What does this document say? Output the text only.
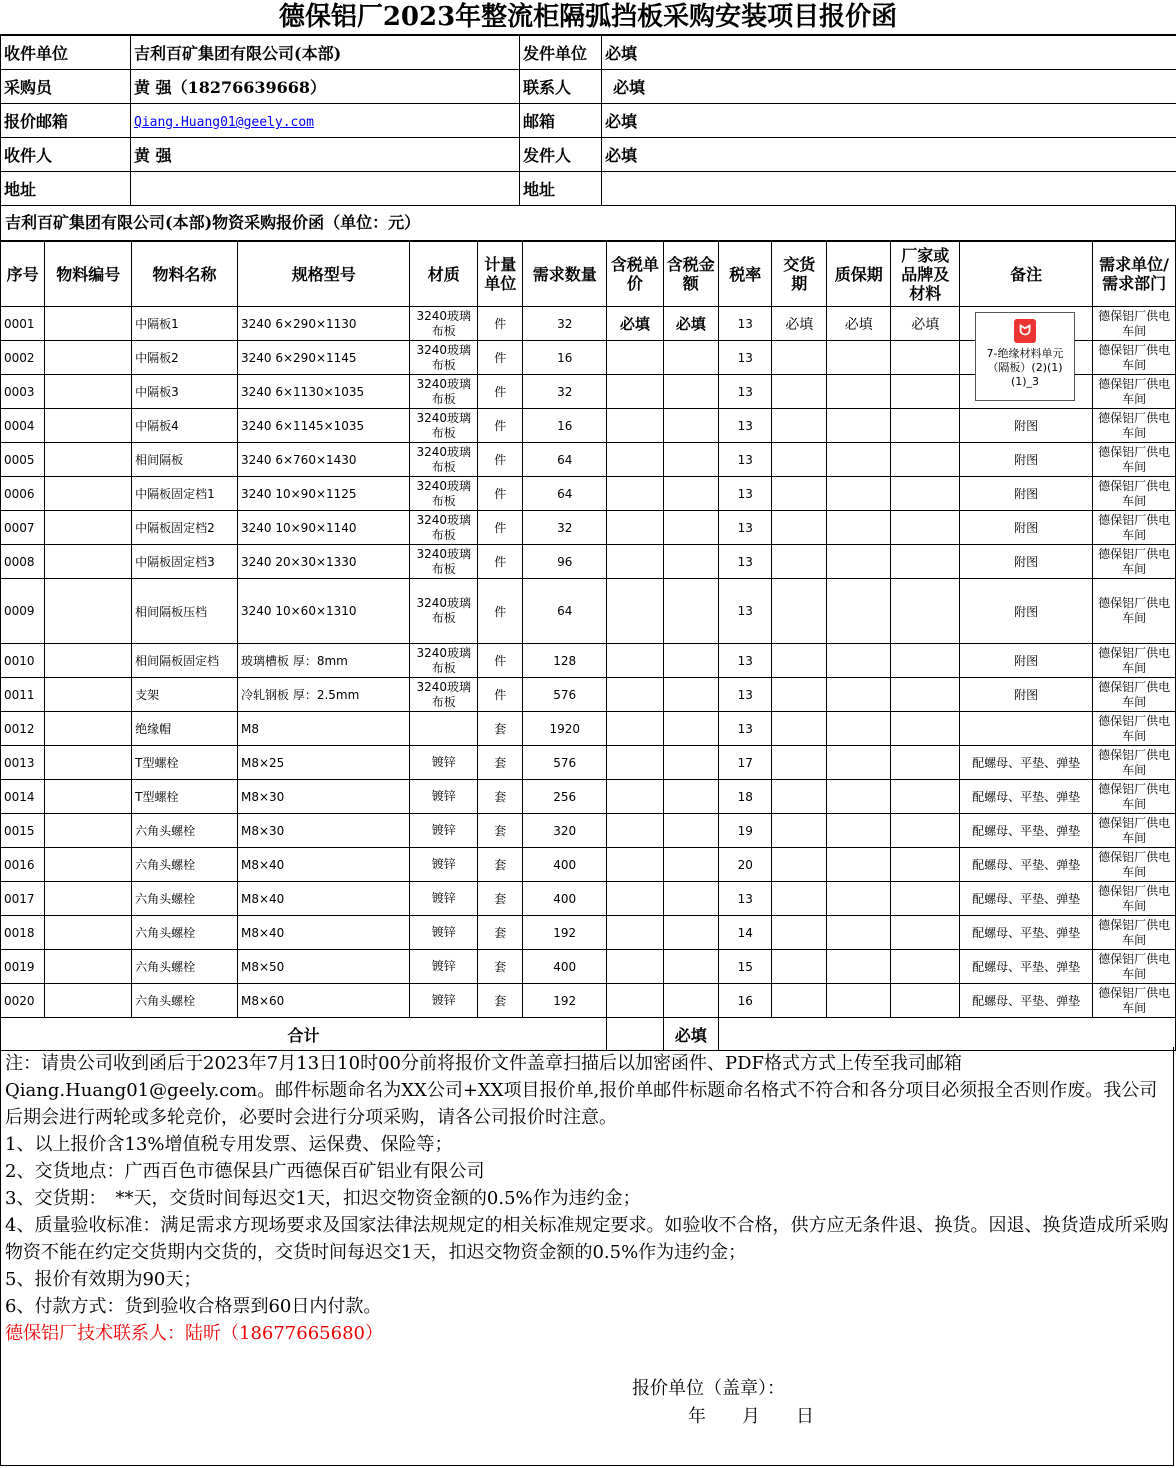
德保铝厂2023年整流柜隔弧挡板采购安装项目报价函
收件单位	吉利百矿集团有限公司(本部)	发件单位	必填
采购员	黄 强（18276639668）	联系人	必填
报价邮箱	Qiang.Huang01@geely.com	邮箱	必填
收件人	黄 强	发件人	必填
地址		地址	
吉利百矿集团有限公司(本部)物资采购报价函（单位：元）
序号	物料编号	物料名称	规格型号	材质	计量单位	需求数量	含税单价	含税金额	税率	交货期	质保期	厂家或品牌及材料	备注	需求单位/需求部门
0001		中隔板1	3240 6×290×1130	3240玻璃布板	件	32	必填	必填	13	必填	必填	必填		德保铝厂供电车间
0002		中隔板2	3240 6×290×1145	3240玻璃布板	件	16			13					德保铝厂供电车间
0003		中隔板3	3240 6×1130×1035	3240玻璃布板	件	32			13					德保铝厂供电车间
0004		中隔板4	3240 6×1145×1035	3240玻璃布板	件	16			13				附图	德保铝厂供电车间
0005		相间隔板	3240 6×760×1430	3240玻璃布板	件	64			13				附图	德保铝厂供电车间
0006		中隔板固定档1	3240 10×90×1125	3240玻璃布板	件	64			13				附图	德保铝厂供电车间
0007		中隔板固定档2	3240 10×90×1140	3240玻璃布板	件	32			13				附图	德保铝厂供电车间
0008		中隔板固定档3	3240 20×30×1330	3240玻璃布板	件	96			13				附图	德保铝厂供电车间
0009		相间隔板压档	3240 10×60×1310	3240玻璃布板	件	64			13				附图	德保铝厂供电车间
0010		相间隔板固定档	玻璃槽板 厚：8mm	3240玻璃布板	件	128			13				附图	德保铝厂供电车间
0011		支架	冷轧钢板 厚：2.5mm	3240玻璃布板	件	576			13				附图	德保铝厂供电车间
0012		绝缘帽	M8		套	1920			13					德保铝厂供电车间
0013		T型螺栓	M8×25	镀锌	套	576			17				配螺母、平垫、弹垫	德保铝厂供电车间
0014		T型螺栓	M8×30	镀锌	套	256			18				配螺母、平垫、弹垫	德保铝厂供电车间
0015		六角头螺栓	M8×30	镀锌	套	320			19				配螺母、平垫、弹垫	德保铝厂供电车间
0016		六角头螺栓	M8×40	镀锌	套	400			20				配螺母、平垫、弹垫	德保铝厂供电车间
0017		六角头螺栓	M8×40	镀锌	套	400			13				配螺母、平垫、弹垫	德保铝厂供电车间
0018		六角头螺栓	M8×40	镀锌	套	192			14				配螺母、平垫、弹垫	德保铝厂供电车间
0019		六角头螺栓	M8×50	镀锌	套	400			15				配螺母、平垫、弹垫	德保铝厂供电车间
0020		六角头螺栓	M8×60	镀锌	套	192			16				配螺母、平垫、弹垫	德保铝厂供电车间
合计								必填						
ᗢ
7-绝缘材料单元（隔板）(2)(1)(1)_3

注：请贵公司收到函后于2023年7月13日10时00分前将报价文件盖章扫描后以加密函件、PDF格式方式上传至我司邮箱Qiang.Huang01@geely.com。邮件标题命名为XX公司+XX项目报价单,报价单邮件标题命名格式不符合和各分项目必须报全否则作废。我公司后期会进行两轮或多轮竞价，必要时会进行分项采购，请各公司报价时注意。

1、以上报价含13%增值税专用发票、运保费、保险等；

2、交货地点：广西百色市德保县广西德保百矿铝业有限公司

3、交货期：　**天，交货时间每迟交1天，扣迟交物资金额的0.5%作为违约金；

4、质量验收标准：满足需求方现场要求及国家法律法规规定的相关标准规定要求。如验收不合格，供方应无条件退、换货。因退、换货造成所采购物资不能在约定交货期内交货的，交货时间每迟交1天，扣迟交物资金额的0.5%作为违约金；

5、报价有效期为90天；

6、付款方式：货到验收合格票到60日内付款。

德保铝厂技术联系人：陆昕（18677665680）

报价单位（盖章）：
年　　月　　日
